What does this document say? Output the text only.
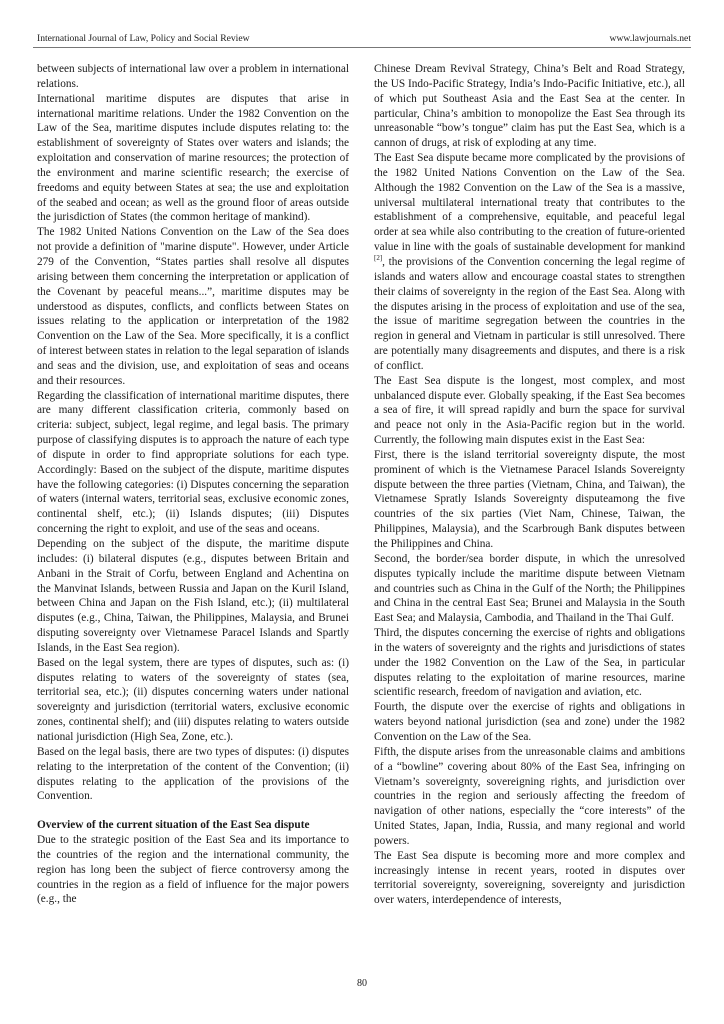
International Journal of Law, Policy and Social Review	www.lawjournals.net

between subjects of international law over a problem in international relations.

International maritime disputes are disputes that arise in international maritime relations. Under the 1982 Convention on the Law of the Sea, maritime disputes include disputes relating to: the establishment of sovereignty of States over waters and islands; the exploitation and conservation of marine resources; the protection of the environment and marine scientific research; the exercise of freedoms and equity between States at sea; the use and exploitation of the seabed and ocean; as well as the ground floor of areas outside the jurisdiction of States (the common heritage of mankind).

The 1982 United Nations Convention on the Law of the Sea does not provide a definition of "marine dispute". However, under Article 279 of the Convention, “States parties shall resolve all disputes arising between them concerning the interpretation or application of the Covenant by peaceful means...”, maritime disputes may be understood as disputes, conflicts, and conflicts between States on issues relating to the application or interpretation of the 1982 Convention on the Law of the Sea. More specifically, it is a conflict of interest between states in relation to the legal separation of islands and seas and the division, use, and exploitation of seas and oceans and their resources.

Regarding the classification of international maritime disputes, there are many different classification criteria, commonly based on criteria: subject, subject, legal regime, and legal basis. The primary purpose of classifying disputes is to approach the nature of each type of dispute in order to find appropriate solutions for each type. Accordingly: Based on the subject of the dispute, maritime disputes have the following categories: (i) Disputes concerning the separation of waters (internal waters, territorial seas, exclusive economic zones, continental shelf, etc.); (ii) Islands disputes; (iii) Disputes concerning the right to exploit, and use of the seas and oceans.

Depending on the subject of the dispute, the maritime dispute includes: (i) bilateral disputes (e.g., disputes between Britain and Anbani in the Strait of Corfu, between England and Achentina on the Manvinat Islands, between Russia and Japan on the Kuril Island, between China and Japan on the Fish Island, etc.); (ii) multilateral disputes (e.g., China, Taiwan, the Philippines, Malaysia, and Brunei disputing sovereignty over Vietnamese Paracel Islands and Spartly Islands, in the East Sea region).

Based on the legal system, there are types of disputes, such as: (i) disputes relating to waters of the sovereignty of states (sea, territorial sea, etc.); (ii) disputes concerning waters under national sovereignty and jurisdiction (territorial waters, exclusive economic zones, continental shelf); and (iii) disputes relating to waters outside national jurisdiction (High Sea, Zone, etc.).

Based on the legal basis, there are two types of disputes: (i) disputes relating to the interpretation of the content of the Convention; (ii) disputes relating to the application of the provisions of the Convention.

Overview of the current situation of the East Sea dispute

Due to the strategic position of the East Sea and its importance to the countries of the region and the international community, the region has long been the subject of fierce controversy among the countries in the region as a field of influence for the major powers (e.g., the

Chinese Dream Revival Strategy, China’s Belt and Road Strategy, the US Indo-Pacific Strategy, India’s Indo-Pacific Initiative, etc.), all of which put Southeast Asia and the East Sea at the center. In particular, China’s ambition to monopolize the East Sea through its unreasonable “bow’s tongue” claim has put the East Sea, which is a cannon of drugs, at risk of exploding at any time.

The East Sea dispute became more complicated by the provisions of the 1982 United Nations Convention on the Law of the Sea. Although the 1982 Convention on the Law of the Sea is a massive, universal multilateral international treaty that contributes to the establishment of a comprehensive, equitable, and peaceful legal order at sea while also contributing to the creation of future-oriented value in line with the goals of sustainable development for mankind [2], the provisions of the Convention concerning the legal regime of islands and waters allow and encourage coastal states to strengthen their claims of sovereignty in the region of the East Sea. Along with the disputes arising in the process of exploitation and use of the sea, the issue of maritime segregation between the countries in the region in general and Vietnam in particular is still unresolved. There are potentially many disagreements and disputes, and there is a risk of conflict.

The East Sea dispute is the longest, most complex, and most unbalanced dispute ever. Globally speaking, if the East Sea becomes a sea of fire, it will spread rapidly and burn the space for survival and peace not only in the Asia-Pacific region but in the world. Currently, the following main disputes exist in the East Sea:

First, there is the island territorial sovereignty dispute, the most prominent of which is the Vietnamese Paracel Islands Sovereignty dispute between the three parties (Vietnam, China, and Taiwan), the Vietnamese Spratly Islands Sovereignty disputeamong the five countries of the six parties (Viet Nam, Chinese, Taiwan, the Philippines, Malaysia), and the Scarbrough Bank disputes between the Philippines and China.

Second, the border/sea border dispute, in which the unresolved disputes typically include the maritime dispute between Vietnam and countries such as China in the Gulf of the North; the Philippines and China in the central East Sea; Brunei and Malaysia in the South East Sea; and Malaysia, Cambodia, and Thailand in the Thai Gulf.

Third, the disputes concerning the exercise of rights and obligations in the waters of sovereignty and the rights and jurisdictions of states under the 1982 Convention on the Law of the Sea, in particular disputes relating to the exploitation of marine resources, marine scientific research, freedom of navigation and aviation, etc.

Fourth, the dispute over the exercise of rights and obligations in waters beyond national jurisdiction (sea and zone) under the 1982 Convention on the Law of the Sea.

Fifth, the dispute arises from the unreasonable claims and ambitions of a “bowline” covering about 80% of the East Sea, infringing on Vietnam’s sovereignty, sovereigning rights, and jurisdiction over countries in the region and seriously affecting the freedom of navigation of other nations, especially the “core interests” of the United States, Japan, India, Russia, and many regional and world powers.

The East Sea dispute is becoming more and more complex and increasingly intense in recent years, rooted in disputes over territorial sovereignty, sovereigning, sovereignty and jurisdiction over waters, interdependence of interests,

80
